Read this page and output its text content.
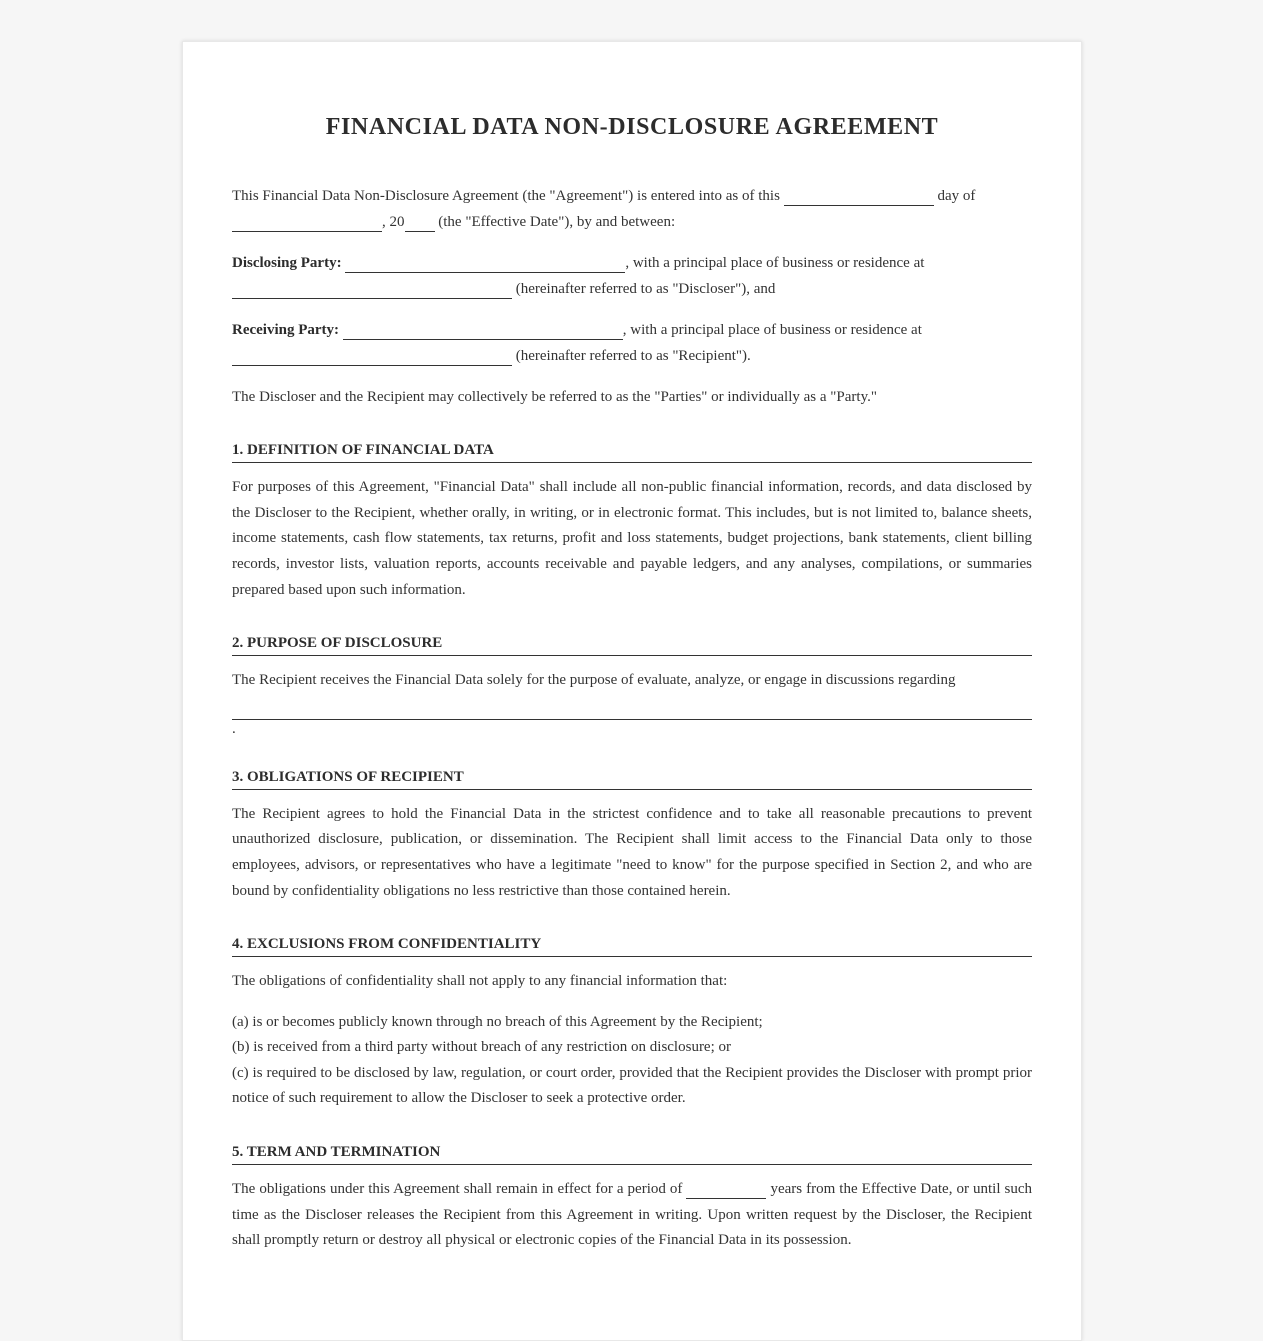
FINANCIAL DATA NON-DISCLOSURE AGREEMENT

This Financial Data Non-Disclosure Agreement (the "Agreement") is entered into as of this	day of
, 20 (the "Effective Date"), by and between:

Disclosing Party:	, with a principal place of business or residence at
(hereinafter referred to as "Discloser"), and

Receiving Party:	, with a principal place of business or residence at
(hereinafter referred to as "Recipient").

The Discloser and the Recipient may collectively be referred to as the "Parties" or individually as a "Party."

1. DEFINITION OF FINANCIAL DATA

For purposes of this Agreement, "Financial Data" shall include all non-public financial information, records, and data disclosed by the Discloser to the Recipient, whether orally, in writing, or in electronic format. This includes, but is not limited to, balance sheets, income statements, cash flow statements, tax returns, profit and loss statements, budget projections, bank statements, client billing records, investor lists, valuation reports, accounts receivable and payable ledgers, and any analyses, compilations, or summaries prepared based upon such information.

2. PURPOSE OF DISCLOSURE

The Recipient receives the Financial Data solely for the purpose of evaluate, analyze, or engage in discussions regarding

.
3. OBLIGATIONS OF RECIPIENT

The Recipient agrees to hold the Financial Data in the strictest confidence and to take all reasonable precautions to prevent unauthorized disclosure, publication, or dissemination. The Recipient shall limit access to the Financial Data only to those employees, advisors, or representatives who have a legitimate "need to know" for the purpose specified in Section 2, and who are bound by confidentiality obligations no less restrictive than those contained herein.

4. EXCLUSIONS FROM CONFIDENTIALITY

The obligations of confidentiality shall not apply to any financial information that:

(a) is or becomes publicly known through no breach of this Agreement by the Recipient;

(b) is received from a third party without breach of any restriction on disclosure; or

(c) is required to be disclosed by law, regulation, or court order, provided that the Recipient provides the Discloser with prompt prior notice of such requirement to allow the Discloser to seek a protective order.

5. TERM AND TERMINATION

The obligations under this Agreement shall remain in effect for a period of	years from the Effective Date, or until such time as the Discloser releases the Recipient from this Agreement in writing. Upon written request by the Discloser, the Recipient shall promptly return or destroy all physical or electronic copies of the Financial Data in its possession.
